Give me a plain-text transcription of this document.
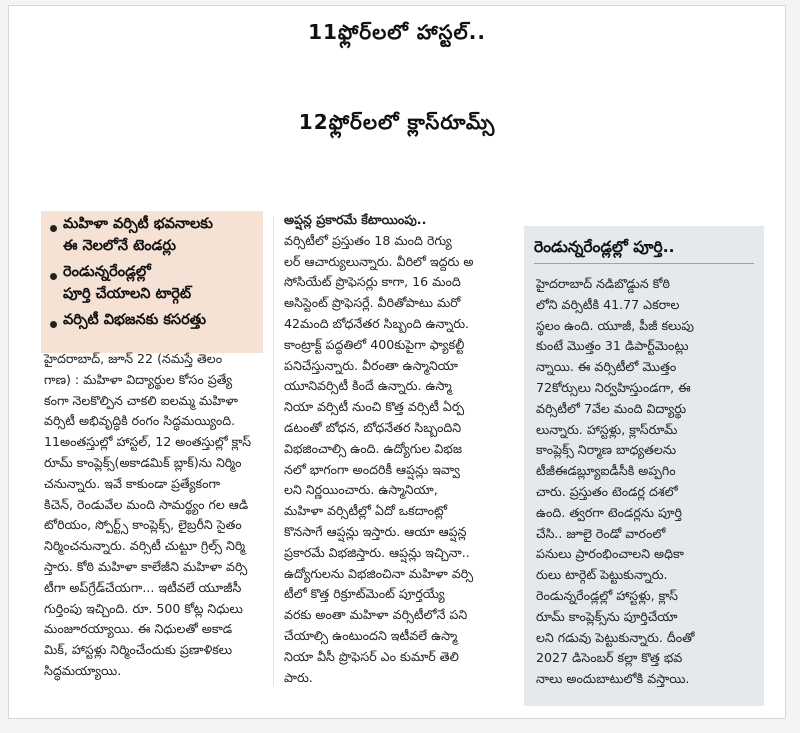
11ఫ్లోర్‌లలో హాస్టల్..
12ఫ్లోర్‌లలో క్లాస్‌రూమ్స్
మహిళా వర్సిటీ భవనాలకు
ఈ నెలలోనే టెండర్లు
రెండున్నరేండ్లల్లో
పూర్తి చేయాలని టార్గెట్
వర్సిటీ విభజనకు కసరత్తు
హైదరాబాద్‌, జూన్‌ 22 (నమస్తే తెలం
గాణ) : మహిళా విద్యార్థుల కోసం ప్రత్యే
కంగా నెలకొల్పిన చాకలి ఐలమ్మ మహిళా
వర్సిటీ అభివృద్ధికి రంగం సిద్ధమయ్యింది.
11అంతస్తుల్లో హాస్టల్‌, 12 అంతస్తుల్లో క్లాస్
రూమ్‌ కాంప్లెక్స్‌(అకాడమిక్‌ బ్లాక్‌)ను నిర్మిం
చనున్నారు. ఇవే కాకుండా ప్రత్యేకంగా
కిచెన్‌, రెండువేల మంది సామర్థ్యం గల ఆడి
టోరియం, స్పోర్ట్స్‌ కాంప్లెక్స్‌, లైబ్రరీని సైతం
నిర్మించనున్నారు. వర్సిటీ చుట్టూ గ్రిల్స్‌ నిర్మి
స్తారు. కోఠి మహిళా కాలేజీని మహిళా వర్సి
టీగా అప్‌గ్రేడ్‌చేయగా... ఇటీవలే యూజీసీ
గుర్తింపు ఇచ్చింది. రూ. 500 కోట్ల నిధులు
మంజూరయ్యాయి. ఈ నిధులతో అకాడ
మిక్‌, హాస్టళ్లు నిర్మించేందుకు ప్రణాళికలు
సిద్ధమయ్యాయి.
అప్షన్ల ప్రకారమే కేటాయింపు..
వర్సిటీలో ప్రస్తుతం 18 మంది రెగ్యు
లర్‌ ఆచార్యులున్నారు. వీరిలో ఇద్దరు అ
సోసియేట్‌ ప్రొఫెసర్లు కాగా, 16 మంది
అసిస్టెంట్‌ ప్రొఫెసర్లే. వీరితోపాటు మరో
42మంది బోధనేతర సిబ్బంది ఉన్నారు.
కాంట్రాక్ట్‌ పద్ధతిలో 400కుపైగా ఫ్యాకల్టీ
పనిచేస్తున్నారు. వీరంతా ఉస్మానియా
యూనివర్సిటీ కిందే ఉన్నారు. ఉస్మా
నియా వర్సిటీ నుంచి కొత్త వర్సిటీ ఏర్ప
డటంతో బోధన, బోధనేతర సిబ్బందిని
విభజించాల్సి ఉంది. ఉద్యోగుల విభజ
నలో భాగంగా అందరికీ ఆప్షన్లు ఇవ్వా
లని నిర్ణయించారు. ఉస్మానియా,
మహిళా వర్సిటీల్లో ఏదో ఒకదాంట్లో
కొనసాగే ఆప్షన్లు ఇస్తారు. ఆయా ఆప్షన్ల
ప్రకారమే విభజిస్తారు. ఆప్షన్లు ఇచ్చినా..
ఉద్యోగులను విభజించినా మహిళా వర్సి
టీలో కొత్త రిక్రూట్‌మెంట్‌ పూర్తయ్యే
వరకు అంతా మహిళా వర్సిటీలోనే పని
చేయాల్సి ఉంటుందని ఇటీవలే ఉస్మా
నియా వీసీ ప్రొఫెసర్‌ ఎం కుమార్‌ తెలి
పారు.
రెండున్నరేండ్లల్లో పూర్తి..
హైదరాబాద్‌ నడిబొడ్డున కోఠి
లోని వర్సిటీకి 41.77 ఎకరాల
స్థలం ఉంది. యూజీ, పీజీ కలుపు
కుంటే మొత్తం 31 డిపార్ట్‌మెంట్లు
న్నాయి. ఈ వర్సిటీలో మొత్తం
72కోర్సులు నిర్వహిస్తుండగా, ఈ
వర్సిటీలో 7వేల మంది విద్యార్థు
లున్నారు. హాస్టళ్లు, క్లాస్‌రూమ్‌
కాంప్లెక్స్‌ నిర్మాణ బాధ్యతలను
టీజీఈడబ్ల్యూఐడీసీకి అప్పగిం
చారు. ప్రస్తుతం టెండర్ల దశలో
ఉంది. త్వరగా టెండర్లను పూర్తి
చేసి.. జూలై రెండో వారంలో
పనులు ప్రారంభించాలని అధికా
రులు టార్గెట్‌ పెట్టుకున్నారు.
రెండున్నరేండ్లల్లో హాస్టళ్లు, క్లాస్‌
రూమ్‌ కాంప్లెక్స్‌ను పూర్తిచేయా
లని గడువు పెట్టుకున్నారు. దీంతో
2027 డిసెంబర్‌ కల్లా కొత్త భవ
నాలు అందుబాటులోకి వస్తాయి.
